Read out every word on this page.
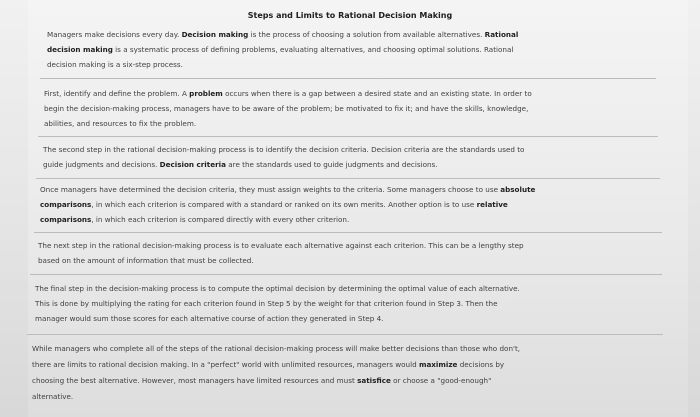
Steps and Limits to Rational Decision Making
Managers make decisions every day. Decision making is the process of choosing a solution from available alternatives. Rational
decision making is a systematic process of defining problems, evaluating alternatives, and choosing optimal solutions. Rational
decision making is a six-step process.
First, identify and define the problem. A problem occurs when there is a gap between a desired state and an existing state. In order to
begin the decision-making process, managers have to be aware of the problem; be motivated to fix it; and have the skills, knowledge,
abilities, and resources to fix the problem.
The second step in the rational decision-making process is to identify the decision criteria. Decision criteria are the standards used to
guide judgments and decisions. Decision criteria are the standards used to guide judgments and decisions.
Once managers have determined the decision criteria, they must assign weights to the criteria. Some managers choose to use absolute
comparisons, in which each criterion is compared with a standard or ranked on its own merits. Another option is to use relative
comparisons, in which each criterion is compared directly with every other criterion.
The next step in the rational decision-making process is to evaluate each alternative against each criterion. This can be a lengthy step
based on the amount of information that must be collected.
The final step in the decision-making process is to compute the optimal decision by determining the optimal value of each alternative.
This is done by multiplying the rating for each criterion found in Step 5 by the weight for that criterion found in Step 3. Then the
manager would sum those scores for each alternative course of action they generated in Step 4.
While managers who complete all of the steps of the rational decision-making process will make better decisions than those who don't,
there are limits to rational decision making. In a "perfect" world with unlimited resources, managers would maximize decisions by
choosing the best alternative. However, most managers have limited resources and must satisfice or choose a "good-enough"
alternative.
